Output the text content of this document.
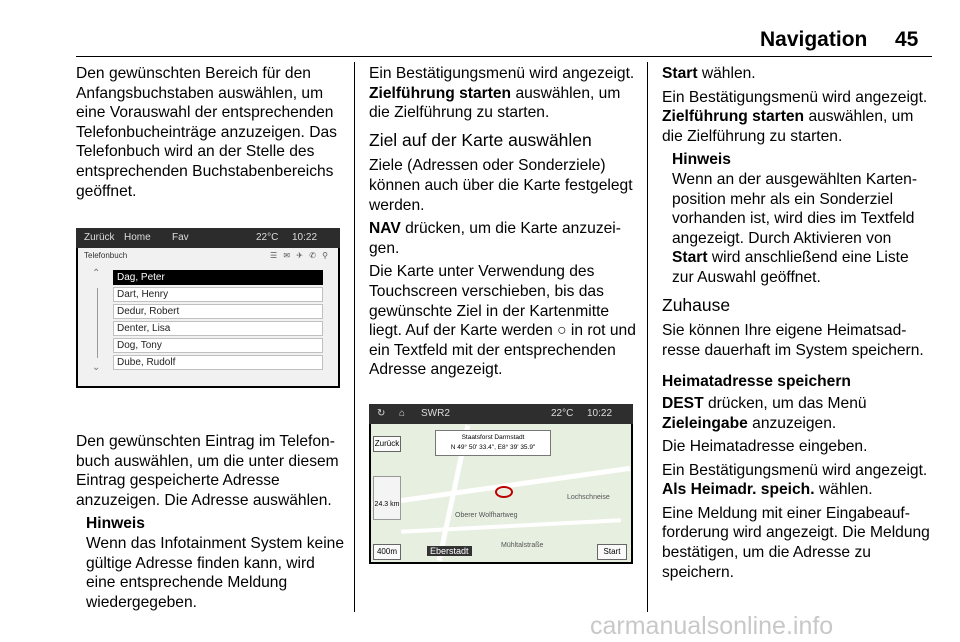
Navigation 45

Den gewünschten Bereich für den Anfangsbuchstaben auswählen, um eine Vorauswahl der entsprechenden Telefonbucheinträge anzuzeigen. Das Telefonbuch wird an der Stelle des entsprechenden Buchstabenbereichs geöffnet.

Zurück Home Fav	22°C 10:22
Telefonbuch	☰ ✉ ✈ ✆ ⚲
⌃
⌄
Dag, Peter
Dart, Henry
Dedur, Robert
Denter, Lisa
Dog, Tony
Dube, Rudolf

Den gewünschten Eintrag im Telefonbuch auswählen, um die unter diesem Eintrag gespeicherte Adresse anzuzeigen. Die Adresse auswählen.

Hinweis
Wenn das Infotainment System keine gültige Adresse finden kann, wird eine entsprechende Meldung wiedergegeben.

Ein Bestätigungsmenü wird angezeigt. Zielführung starten auswählen, um die Zielführung zu starten.

Ziel auf der Karte auswählen

Ziele (Adressen oder Sonderziele) können auch über die Karte festgelegt werden.

NAV drücken, um die Karte anzuzeigen.

Die Karte unter Verwendung des Touchscreen verschieben, bis das gewünschte Ziel in der Kartenmitte liegt. Auf der Karte werden ○ in rot und ein Textfeld mit der entsprechenden Adresse angezeigt.

↻ ⌂ SWR2	22°C 10:22
Zurück
Staatsforst Darmstadt
N 49° 50' 33.4", E8° 39' 35.9"
24.3 km
Lochschneise
Oberer Wolfhartweg
Mühltalstraße
Eberstadt
400m	Start

Start wählen.

Ein Bestätigungsmenü wird angezeigt. Zielführung starten auswählen, um die Zielführung zu starten.

Hinweis
Wenn an der ausgewählten Kartenposition mehr als ein Sonderziel vorhanden ist, wird dies im Textfeld angezeigt. Durch Aktivieren von Start wird anschließend eine Liste zur Auswahl geöffnet.
Zuhause

Sie können Ihre eigene Heimatsadresse dauerhaft im System speichern.

Heimatadresse speichern

DEST drücken, um das Menü Zieleingabe anzuzeigen.

Die Heimatadresse eingeben.

Ein Bestätigungsmenü wird angezeigt. Als Heimadr. speich. wählen.

Eine Meldung mit einer Eingabeaufforderung wird angezeigt. Die Meldung bestätigen, um die Adresse zu speichern.

carmanualsonline.info
